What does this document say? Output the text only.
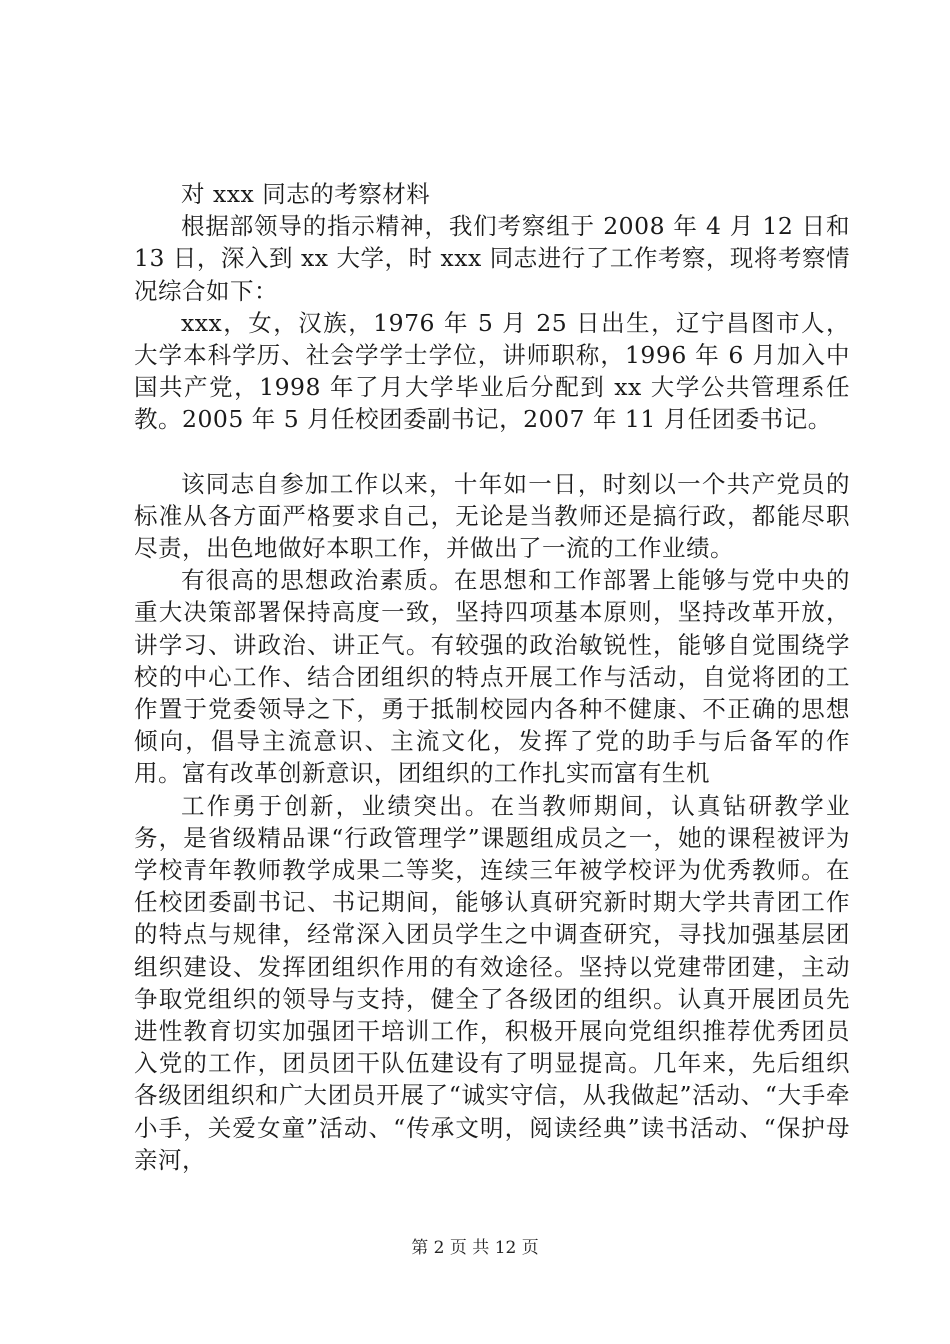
对 xxx 同志的考察材料

根据部领导的指示精神，我们考察组于 2008 年 4 月 12 日和 13 日，深入到 xx 大学，时 xxx 同志进行了工作考察，现将考察情况综合如下：

xxx，女，汉族，1976 年 5 月 25 日出生，辽宁昌图市人，大学本科学历、社会学学士学位，讲师职称，1996 年 6 月加入中国共产党，1998 年了月大学毕业后分配到 xx 大学公共管理系任教。2005 年 5 月任校团委副书记，2007 年 11 月任团委书记。

该同志自参加工作以来，十年如一日，时刻以一个共产党员的标准从各方面严格要求自己，无论是当教师还是搞行政，都能尽职尽责，出色地做好本职工作，并做出了一流的工作业绩。

有很高的思想政治素质。在思想和工作部署上能够与党中央的重大决策部署保持高度一致，坚持四项基本原则，坚持改革开放，讲学习、讲政治、讲正气。有较强的政治敏锐性，能够自觉围绕学校的中心工作、结合团组织的特点开展工作与活动，自觉将团的工作置于党委领导之下，勇于抵制校园内各种不健康、不正确的思想倾向，倡导主流意识、主流文化，发挥了党的助手与后备军的作用。富有改革创新意识，团组织的工作扎实而富有生机

工作勇于创新，业绩突出。在当教师期间，认真钻研教学业务，是省级精品课“行政管理学”课题组成员之一，她的课程被评为学校青年教师教学成果二等奖，连续三年被学校评为优秀教师。在任校团委副书记、书记期间，能够认真研究新时期大学共青团工作的特点与规律，经常深入团员学生之中调查研究，寻找加强基层团组织建设、发挥团组织作用的有效途径。坚持以党建带团建，主动争取党组织的领导与支持，健全了各级团的组织。认真开展团员先进性教育切实加强团干培训工作，积极开展向党组织推荐优秀团员入党的工作，团员团干队伍建设有了明显提高。几年来，先后组织各级团组织和广大团员开展了“诚实守信，从我做起”活动、“大手牵小手，关爱女童”活动、“传承文明，阅读经典”读书活动、“保护母亲河，

第 2 页 共 12 页
